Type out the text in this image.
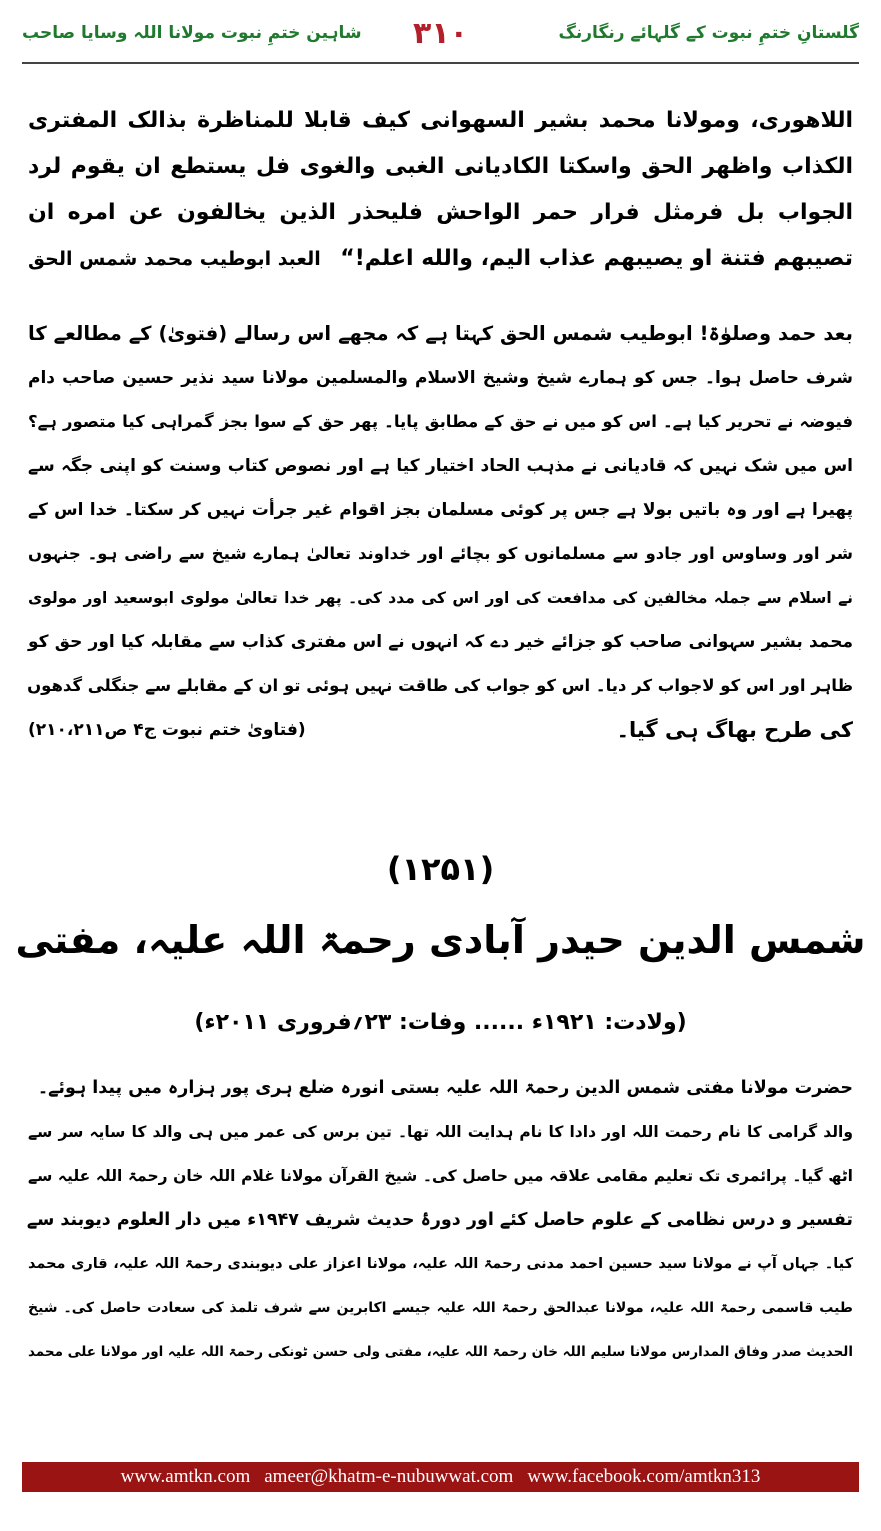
گلستانِ ختمِ نبوت کے گلہائے رنگارنگ
۳۱۰
شاہین ختمِ نبوت مولانا اللہ وسایا صاحب

اللاهوری، ومولانا محمد بشیر السهوانی کیف قابلا للمناظرة بذالک المفتری

الکذاب واظهر الحق واسکتا الکادیانی الغبی والغوی فل یستطع ان یقوم لرد

الجواب بل فرمثل فرار حمر الواحش فلیحذر الذین یخالفون عن امره ان

تصیبهم فتنة او یصیبهم عذاب الیم، والله اعلم!“
العبد ابوطیب محمد شمس الحق

بعد حمد وصلوٰۃ! ابوطیب شمس الحق کہتا ہے کہ مجھے اس رسالے (فتویٰ) کے مطالعے کا

شرف حاصل ہوا۔ جس کو ہمارے شیخ وشیخ الاسلام والمسلمین مولانا سید نذیر حسین صاحب دام

فیوضہ نے تحریر کیا ہے۔ اس کو میں نے حق کے مطابق پایا۔ پھر حق کے سوا بجز گمراہی کیا متصور ہے؟

اس میں شک نہیں کہ قادیانی نے مذہب الحاد اختیار کیا ہے اور نصوص کتاب وسنت کو اپنی جگہ سے

پھیرا ہے اور وہ باتیں بولا ہے جس پر کوئی مسلمان بجز اقوام غیر جرأت نہیں کر سکتا۔ خدا اس کے

شر اور وساوس اور جادو سے مسلمانوں کو بچائے اور خداوند تعالیٰ ہمارے شیخ سے راضی ہو۔ جنہوں

نے اسلام سے جملہ مخالفین کی مدافعت کی اور اس کی مدد کی۔ پھر خدا تعالیٰ مولوی ابوسعید اور مولوی

محمد بشیر سہوانی صاحب کو جزائے خیر دے کہ انہوں نے اس مفتری کذاب سے مقابلہ کیا اور حق کو

ظاہر اور اس کو لاجواب کر دیا۔ اس کو جواب کی طاقت نہیں ہوئی تو ان کے مقابلے سے جنگلی گدھوں

کی طرح بھاگ ہی گیا۔
(فتاویٰ ختم نبوت ج۴ ص۲۱۰،۲۱۱)
(۱۲۵۱)
شمس الدین حیدر آبادی رحمۃ اللہ علیہ، مفتی
(ولادت: ۱۹۲۱ء ...... وفات: ۲۳؍فروری ۲۰۱۱ء)

حضرت مولانا مفتی شمس الدین رحمۃ اللہ علیہ بستی انورہ ضلع ہری پور ہزارہ میں پیدا ہوئے۔

والد گرامی کا نام رحمت اللہ اور دادا کا نام ہدایت اللہ تھا۔ تین برس کی عمر میں ہی والد کا سایہ سر سے

اٹھ گیا۔ پرائمری تک تعلیم مقامی علاقہ میں حاصل کی۔ شیخ القرآن مولانا غلام اللہ خان رحمۃ اللہ علیہ سے

تفسیر و درس نظامی کے علوم حاصل کئے اور دورۂ حدیث شریف ۱۹۴۷ء میں دار العلوم دیوبند سے

کیا۔ جہاں آپ نے مولانا سید حسین احمد مدنی رحمۃ اللہ علیہ، مولانا اعزاز علی دیوبندی رحمۃ اللہ علیہ، قاری محمد

طیب قاسمی رحمۃ اللہ علیہ، مولانا عبدالحق رحمۃ اللہ علیہ جیسے اکابرین سے شرف تلمذ کی سعادت حاصل کی۔ شیخ

الحدیث صدر وفاق المدارس مولانا سلیم اللہ خان رحمۃ اللہ علیہ، مفتی ولی حسن ٹونکی رحمۃ اللہ علیہ اور مولانا علی محمد

www.amtkn.com ameer@khatm-e-nubuwwat.com www.facebook.com/amtkn313
